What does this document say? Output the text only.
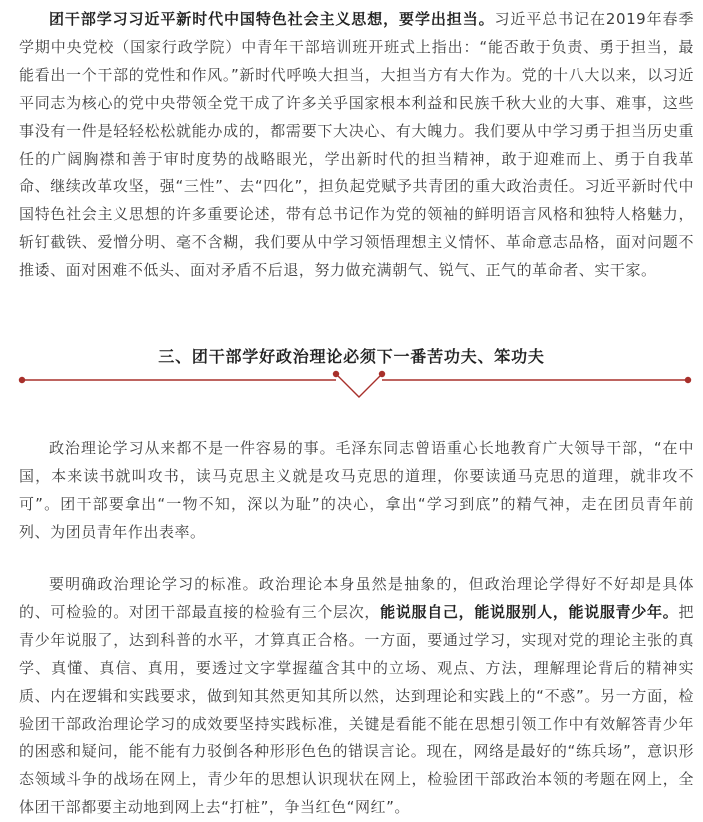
团干部学习习近平新时代中国特色社会主义思想，要学出担当。习近平总书记在2019年春季学期中央党校（国家行政学院）中青年干部培训班开班式上指出：“能否敢于负责、勇于担当，最能看出一个干部的党性和作风。”新时代呼唤大担当，大担当方有大作为。党的十八大以来，以习近平同志为核心的党中央带领全党干成了许多关乎国家根本利益和民族千秋大业的大事、难事，这些事没有一件是轻轻松松就能办成的，都需要下大决心、有大魄力。我们要从中学习勇于担当历史重任的广阔胸襟和善于审时度势的战略眼光，学出新时代的担当精神，敢于迎难而上、勇于自我革命、继续改革攻坚，强“三性”、去“四化”，担负起党赋予共青团的重大政治责任。习近平新时代中国特色社会主义思想的许多重要论述，带有总书记作为党的领袖的鲜明语言风格和独特人格魅力，斩钉截铁、爱憎分明、毫不含糊，我们要从中学习领悟理想主义情怀、革命意志品格，面对问题不推诿、面对困难不低头、面对矛盾不后退，努力做充满朝气、锐气、正气的革命者、实干家。

三、团干部学好政治理论必须下一番苦功夫、笨功夫

政治理论学习从来都不是一件容易的事。毛泽东同志曾语重心长地教育广大领导干部，“在中国，本来读书就叫攻书，读马克思主义就是攻马克思的道理，你要读通马克思的道理，就非攻不可”。团干部要拿出“一物不知，深以为耻”的决心，拿出“学习到底”的精气神，走在团员青年前列、为团员青年作出表率。

要明确政治理论学习的标准。政治理论本身虽然是抽象的，但政治理论学得好不好却是具体的、可检验的。对团干部最直接的检验有三个层次，能说服自己，能说服别人，能说服青少年。把青少年说服了，达到科普的水平，才算真正合格。一方面，要通过学习，实现对党的理论主张的真学、真懂、真信、真用，要透过文字掌握蕴含其中的立场、观点、方法，理解理论背后的精神实质、内在逻辑和实践要求，做到知其然更知其所以然，达到理论和实践上的“不惑”。另一方面，检验团干部政治理论学习的成效要坚持实践标准，关键是看能不能在思想引领工作中有效解答青少年的困惑和疑问，能不能有力驳倒各种形形色色的错误言论。现在，网络是最好的“练兵场”，意识形态领域斗争的战场在网上，青少年的思想认识现状在网上，检验团干部政治本领的考题在网上，全体团干部都要主动地到网上去“打桩”，争当红色“网红”。
